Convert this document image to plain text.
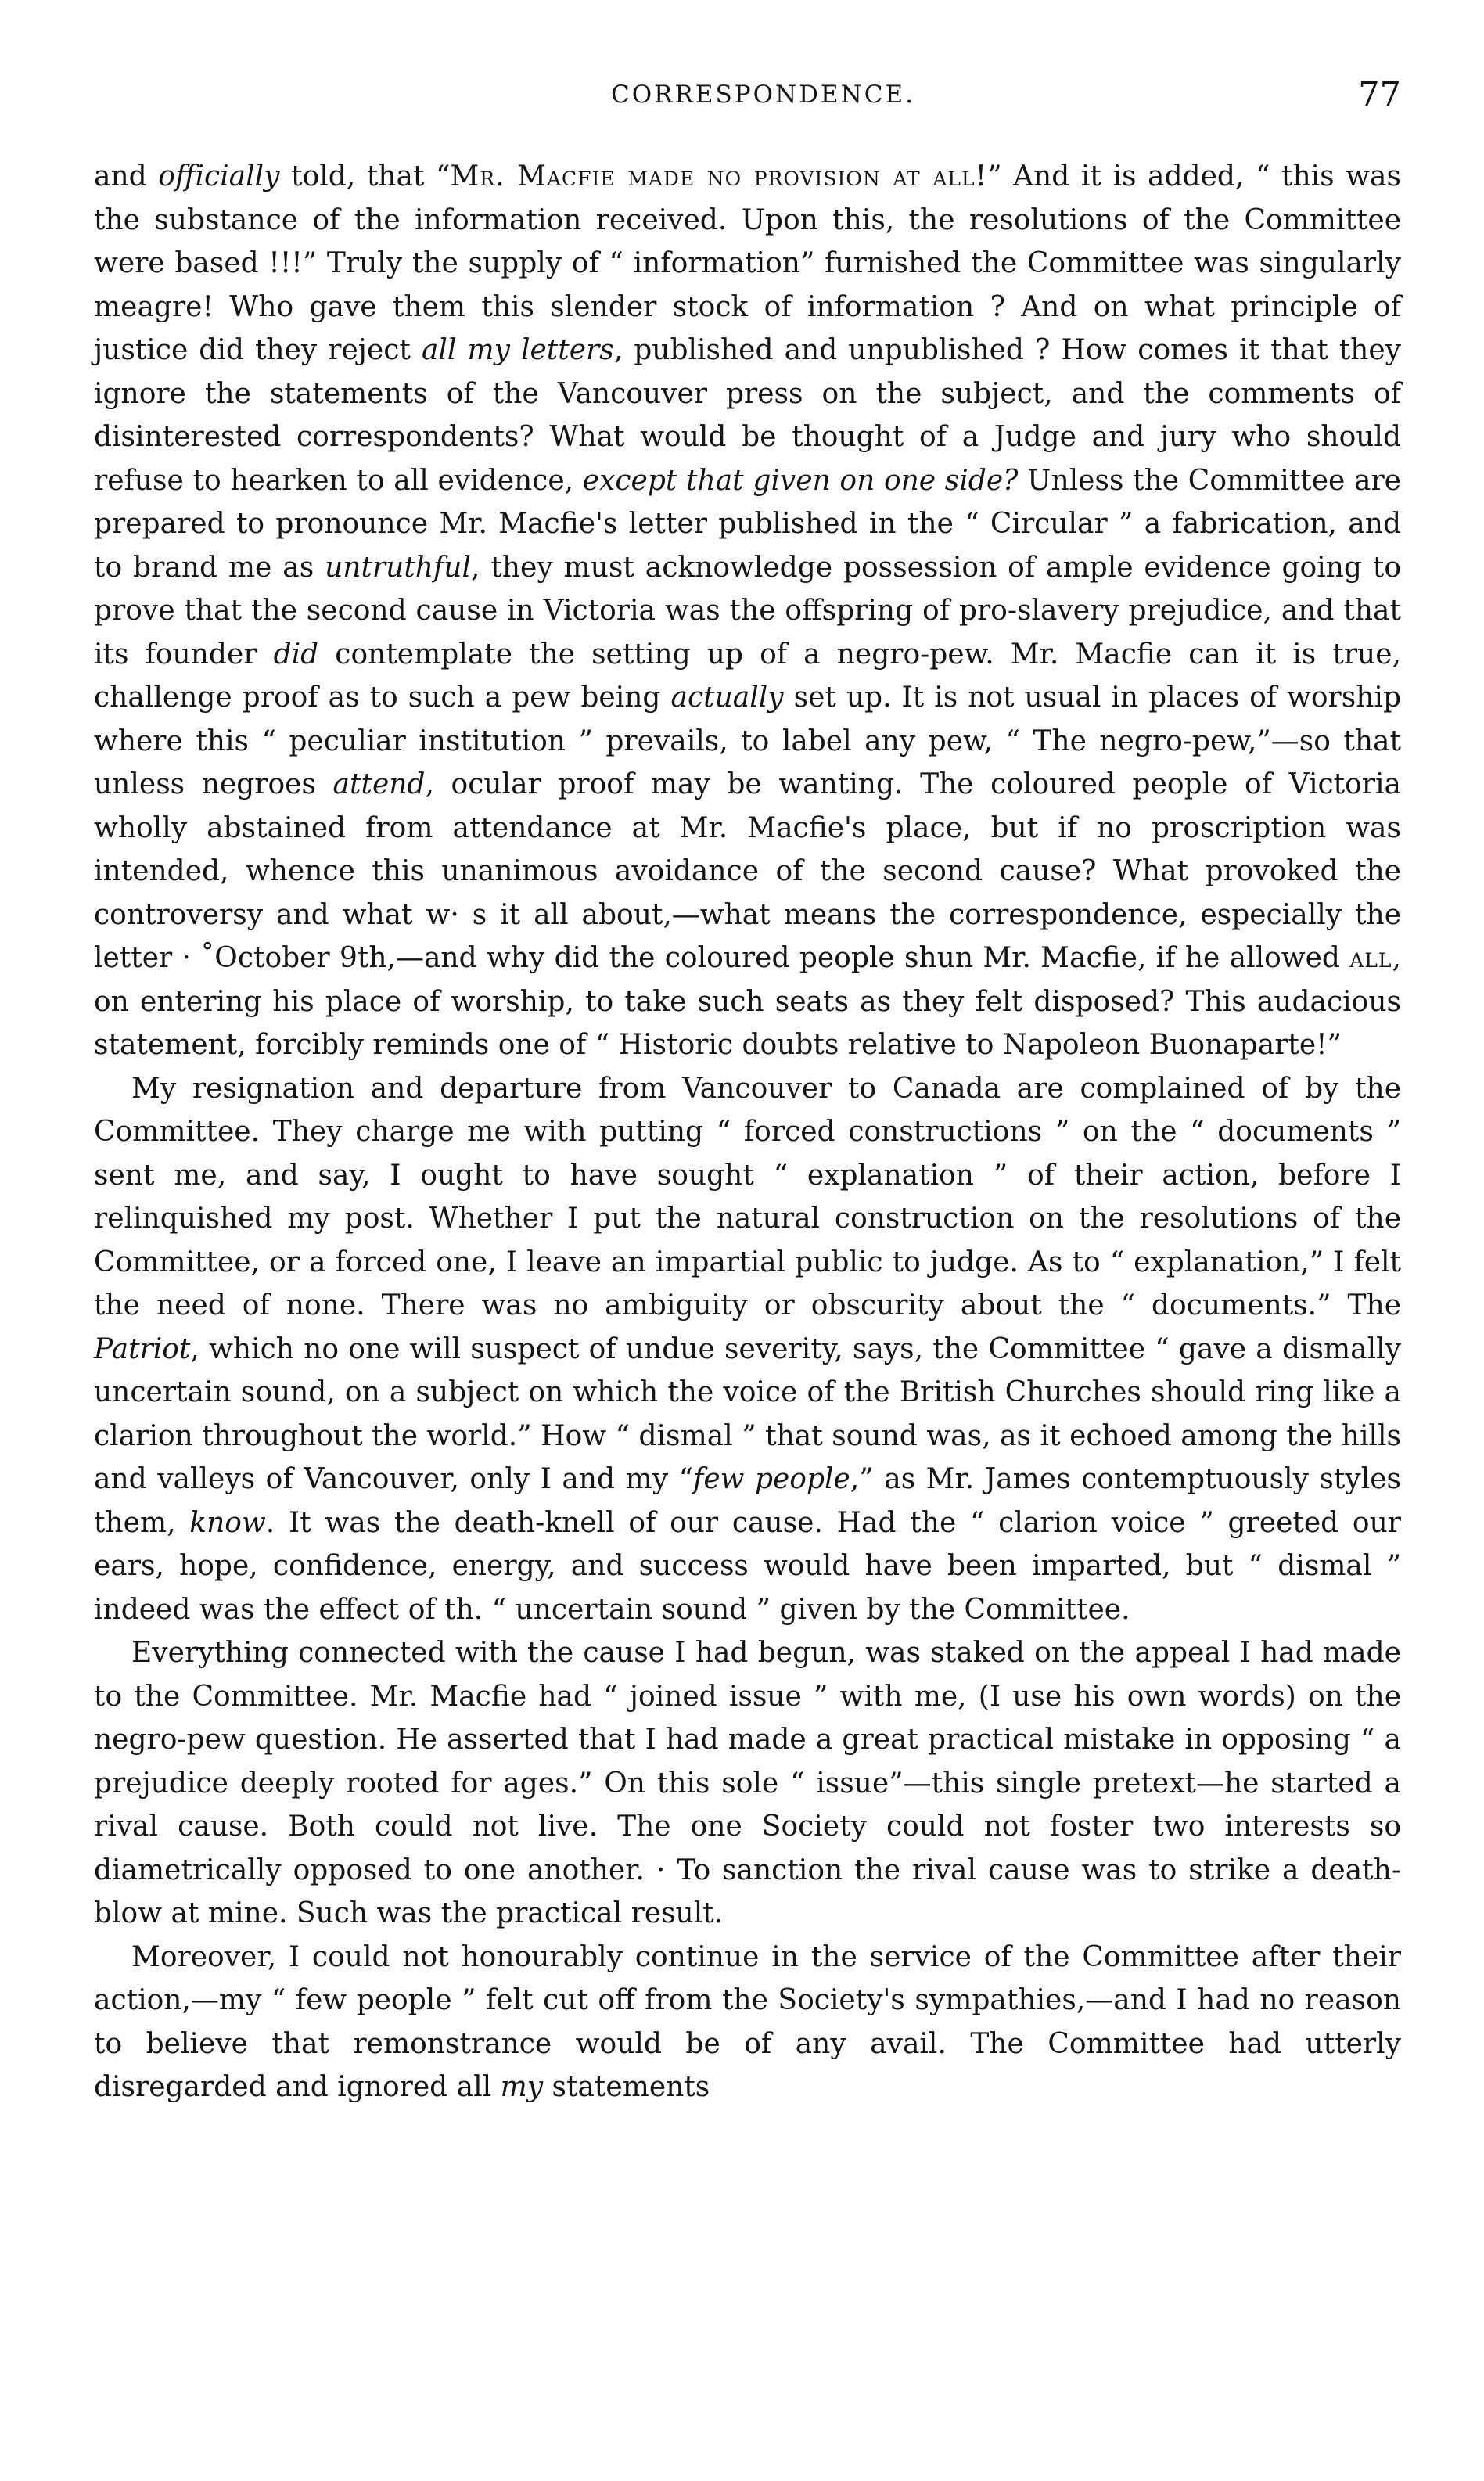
CORRESPONDENCE.	77

and officially told, that “Mr. Macfie made no provision at all!” And it is added, “ this was the substance of the information received. Upon this, the resolutions of the Committee were based !!!” Truly the supply of “ information” furnished the Committee was singularly meagre! Who gave them this slender stock of information ? And on what principle of justice did they reject all my letters, published and unpublished ? How comes it that they ignore the statements of the Vancouver press on the subject, and the comments of disinterested correspondents? What would be thought of a Judge and jury who should refuse to hearken to all evidence, except that given on one side? Unless the Committee are prepared to pronounce Mr. Macfie's letter published in the “ Circular ” a fabrication, and to brand me as untruthful, they must acknowledge possession of ample evidence going to prove that the second cause in Victoria was the offspring of pro-slavery prejudice, and that its founder did contemplate the setting up of a negro-pew. Mr. Macfie can it is true, challenge proof as to such a pew being actually set up. It is not usual in places of worship where this “ peculiar institution ” prevails, to label any pew, “ The negro-pew,”—so that unless negroes attend, ocular proof may be wanting. The coloured people of Victoria wholly abstained from attendance at Mr. Macfie's place, but if no proscription was intended, whence this unanimous avoidance of the second cause? What provoked the controversy and what w· s it all about,—what means the correspondence, especially the letter · ˚October 9th,—and why did the coloured people shun Mr. Macfie, if he allowed all, on entering his place of worship, to take such seats as they felt disposed? This audacious statement, forcibly reminds one of “ Historic doubts relative to Napoleon Buonaparte!”

My resignation and departure from Vancouver to Canada are complained of by the Committee. They charge me with putting “ forced constructions ” on the “ documents ” sent me, and say, I ought to have sought “ explanation ” of their action, before I relinquished my post. Whether I put the natural construction on the resolutions of the Committee, or a forced one, I leave an impartial public to judge. As to “ explanation,” I felt the need of none. There was no ambiguity or obscurity about the “ documents.” The Patriot, which no one will suspect of undue severity, says, the Committee “ gave a dismally uncertain sound, on a subject on which the voice of the British Churches should ring like a clarion throughout the world.” How “ dismal ” that sound was, as it echoed among the hills and valleys of Vancouver, only I and my “few people,” as Mr. James contemptuously styles them, know. It was the death-knell of our cause. Had the “ clarion voice ” greeted our ears, hope, confidence, energy, and success would have been imparted, but “ dismal ” indeed was the effect of th. “ uncertain sound ” given by the Committee.

Everything connected with the cause I had begun, was staked on the appeal I had made to the Committee. Mr. Macfie had “ joined issue ” with me, (I use his own words) on the negro-pew question. He asserted that I had made a great practical mistake in opposing “ a prejudice deeply rooted for ages.” On this sole “ issue”—this single pretext—he started a rival cause. Both could not live. The one Society could not foster two interests so diametrically opposed to one another. · To sanction the rival cause was to strike a death-blow at mine. Such was the practical result.

Moreover, I could not honourably continue in the service of the Committee after their action,—my “ few people ” felt cut off from the Society's sympathies,—and I had no reason to believe that remonstrance would be of any avail. The Committee had utterly disregarded and ignored all my statements
